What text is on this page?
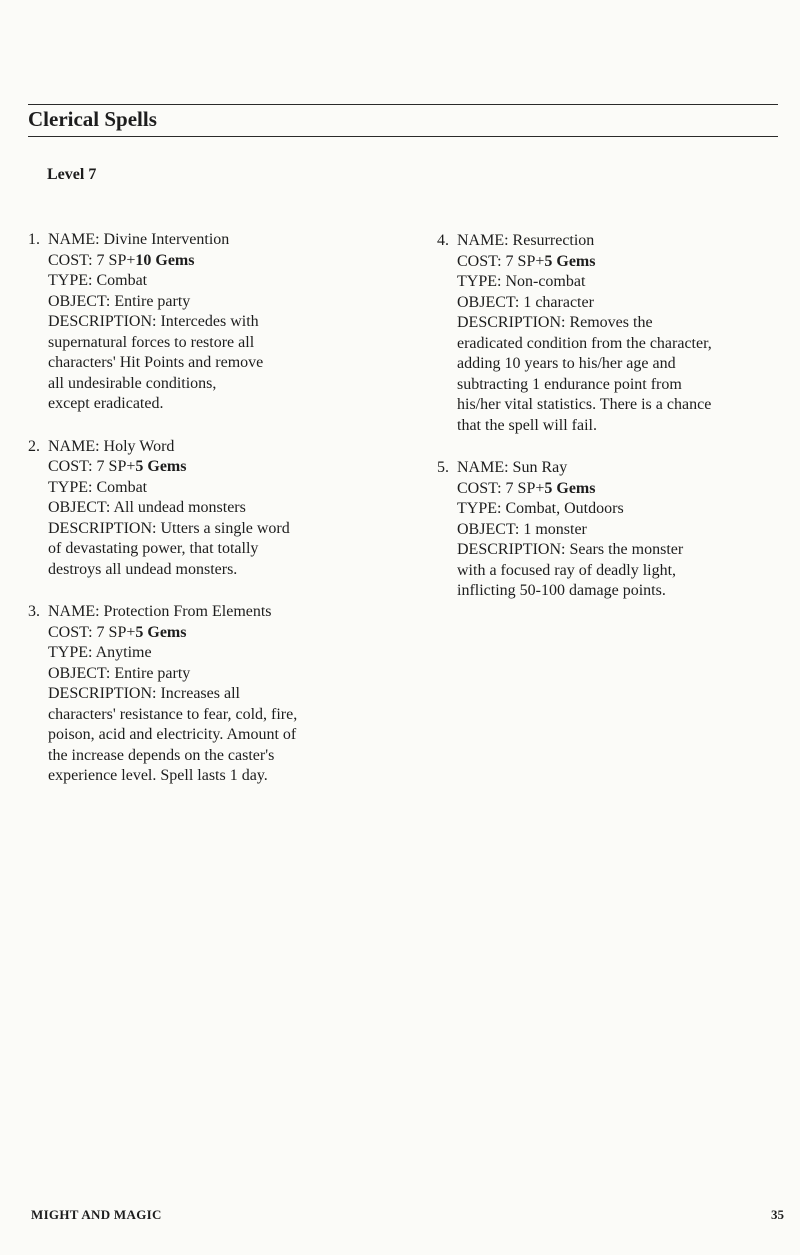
Clerical Spells
Level 7
1. NAME: Divine Intervention
COST: 7 SP+10 Gems
TYPE: Combat
OBJECT: Entire party
DESCRIPTION: Intercedes with
supernatural forces to restore all
characters' Hit Points and remove
all undesirable conditions,
except eradicated.
2. NAME: Holy Word
COST: 7 SP+5 Gems
TYPE: Combat
OBJECT: All undead monsters
DESCRIPTION: Utters a single word
of devastating power, that totally
destroys all undead monsters.
3. NAME: Protection From Elements
COST: 7 SP+5 Gems
TYPE: Anytime
OBJECT: Entire party
DESCRIPTION: Increases all
characters' resistance to fear, cold, fire,
poison, acid and electricity. Amount of
the increase depends on the caster's
experience level. Spell lasts 1 day.
4. NAME: Resurrection
COST: 7 SP+5 Gems
TYPE: Non-combat
OBJECT: 1 character
DESCRIPTION: Removes the
eradicated condition from the character,
adding 10 years to his/her age and
subtracting 1 endurance point from
his/her vital statistics. There is a chance
that the spell will fail.
5. NAME: Sun Ray
COST: 7 SP+5 Gems
TYPE: Combat, Outdoors
OBJECT: 1 monster
DESCRIPTION: Sears the monster
with a focused ray of deadly light,
inflicting 50-100 damage points.
MIGHT AND MAGIC	35
